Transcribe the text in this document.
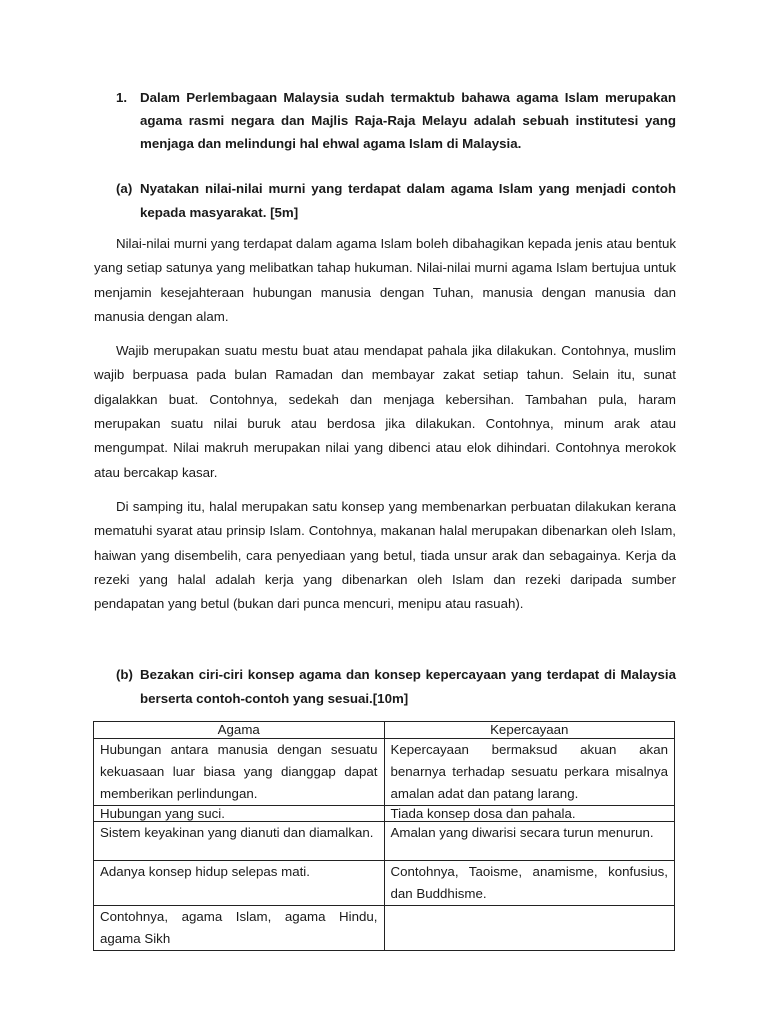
1. Dalam Perlembagaan Malaysia sudah termaktub bahawa agama Islam merupakan agama rasmi negara dan Majlis Raja-Raja Melayu adalah sebuah institutesi yang menjaga dan melindungi hal ehwal agama Islam di Malaysia.
(a) Nyatakan nilai-nilai murni yang terdapat dalam agama Islam yang menjadi contoh kepada masyarakat. [5m]

Nilai-nilai murni yang terdapat dalam agama Islam boleh dibahagikan kepada jenis atau bentuk yang setiap satunya yang melibatkan tahap hukuman. Nilai-nilai murni agama Islam bertujua untuk menjamin kesejahteraan hubungan manusia dengan Tuhan, manusia dengan manusia dan manusia dengan alam.

Wajib merupakan suatu mestu buat atau mendapat pahala jika dilakukan. Contohnya, muslim wajib berpuasa pada bulan Ramadan dan membayar zakat setiap tahun. Selain itu, sunat digalakkan buat. Contohnya, sedekah dan menjaga kebersihan. Tambahan pula, haram merupakan suatu nilai buruk atau berdosa jika dilakukan. Contohnya, minum arak atau mengumpat. Nilai makruh merupakan nilai yang dibenci atau elok dihindari. Contohnya merokok atau bercakap kasar.

Di samping itu, halal merupakan satu konsep yang membenarkan perbuatan dilakukan kerana mematuhi syarat atau prinsip Islam. Contohnya, makanan halal merupakan dibenarkan oleh Islam, haiwan yang disembelih, cara penyediaan yang betul, tiada unsur arak dan sebagainya. Kerja da rezeki yang halal adalah kerja yang dibenarkan oleh Islam dan rezeki daripada sumber pendapatan yang betul (bukan dari punca mencuri, menipu atau rasuah).

(b) Bezakan ciri-ciri konsep agama dan konsep kepercayaan yang terdapat di Malaysia berserta contoh-contoh yang sesuai.[10m]
Agama	Kepercayaan
Hubungan antara manusia dengan sesuatu kekuasaan luar biasa yang dianggap dapat memberikan perlindungan.	Kepercayaan bermaksud akuan akan benarnya terhadap sesuatu perkara misalnya amalan adat dan patang larang.
Hubungan yang suci.	Tiada konsep dosa dan pahala.
Sistem keyakinan yang dianuti dan diamalkan.	Amalan yang diwarisi secara turun menurun.
Adanya konsep hidup selepas mati.	Contohnya, Taoisme, anamisme, konfusius, dan Buddhisme.
Contohnya, agama Islam, agama Hindu, agama Sikh	
